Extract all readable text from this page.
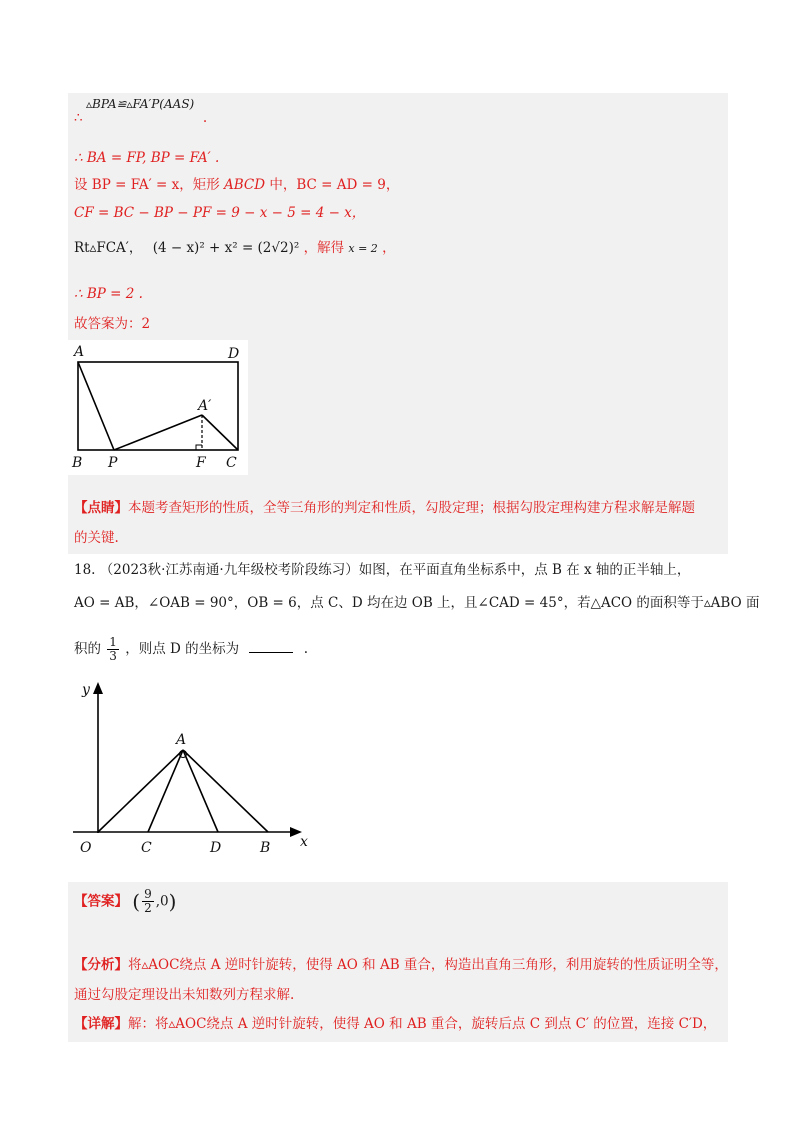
▵BPA≌▵FA′P(AAS)
∴	.
∴ BA = FP, BP = FA′ .
设 BP = FA′ = x，矩形 ABCD 中，BC = AD = 9，
CF = BC − BP − PF = 9 − x − 5 = 4 − x，
Rt▵FCA′， (4 − x)² + x² = (2√2)² ，解得 x = 2 ，
∴ BP = 2 .
故答案为：2
A	D
A′
B P	F C
【点睛】本题考查矩形的性质，全等三角形的判定和性质，勾股定理；根据勾股定理构建方程求解是解题
的关键.
18. （2023秋·江苏南通·九年级校考阶段练习）如图，在平面直角坐标系中，点 B 在 x 轴的正半轴上，
AO = AB，∠OAB = 90°，OB = 6，点 C、D 均在边 OB 上，且∠CAD = 45°，若△ACO 的面积等于▵ABO 面
积的 $\frac{1}{3}$ ，则点 D 的坐标为	.
y
x
A
O	C	D	B
【答案】 ( $\frac{9}{2} ,0$)
【分析】将▵AOC绕点 A 逆时针旋转，使得 AO 和 AB 重合，构造出直角三角形，利用旋转的性质证明全等，
通过勾股定理设出未知数列方程求解.
【详解】解：将▵AOC绕点 A 逆时针旋转，使得 AO 和 AB 重合，旋转后点 C 到点 C′ 的位置，连接 C′D，
